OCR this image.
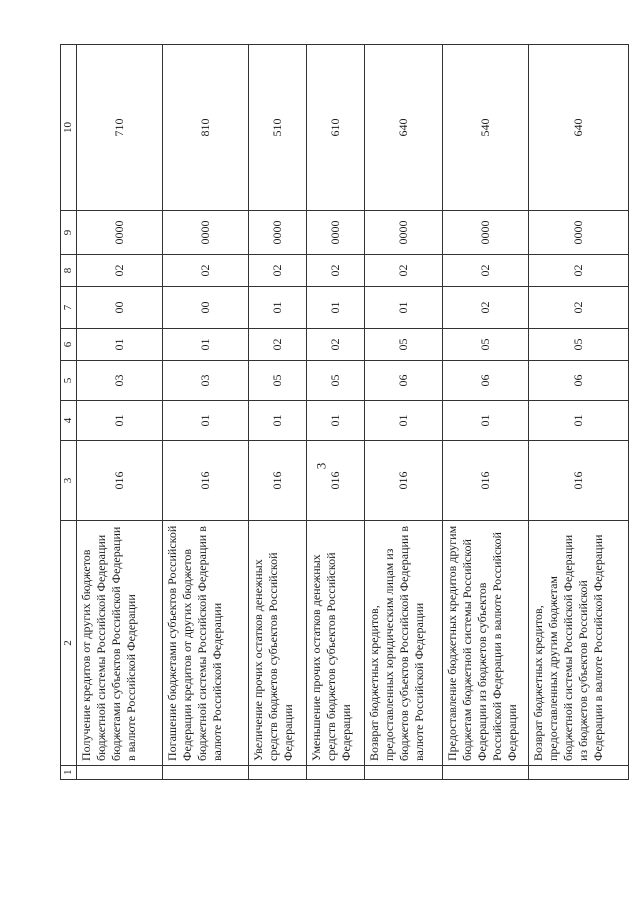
3
1	2	3	4	5	6	7	8	9	10
	Получение кредитов от других бюджетов бюджетной системы Российской Федерации бюджетами субъектов Российской Федерации в валюте Российской Федерации	016	01	03	01	00	02	0000	710
	Погашение бюджетами субъектов Российской Федерации кредитов от других бюджетов бюджетной системы Российской Федерации в валюте Российской Федерации	016	01	03	01	00	02	0000	810
	Увеличение прочих остатков денежных средств бюджетов субъектов Российской Федерации	016	01	05	02	01	02	0000	510
	Уменьшение прочих остатков денежных средств бюджетов субъектов Российской Федерации	016	01	05	02	01	02	0000	610
	Возврат бюджетных кредитов, предоставленных юридическим лицам из бюджетов субъектов Российской Федерации в валюте Российской Федерации	016	01	06	05	01	02	0000	640
	Предоставление бюджетных кредитов другим бюджетам бюджетной системы Российской Федерации из бюджетов субъектов Российской Федерации в валюте Российской Федерации	016	01	06	05	02	02	0000	540
	Возврат бюджетных кредитов, предоставленных другим бюджетам бюджетной системы Российской Федерации из бюджетов субъектов Российской Федерации в валюте Российской Федерации	016	01	06	05	02	02	0000	640
